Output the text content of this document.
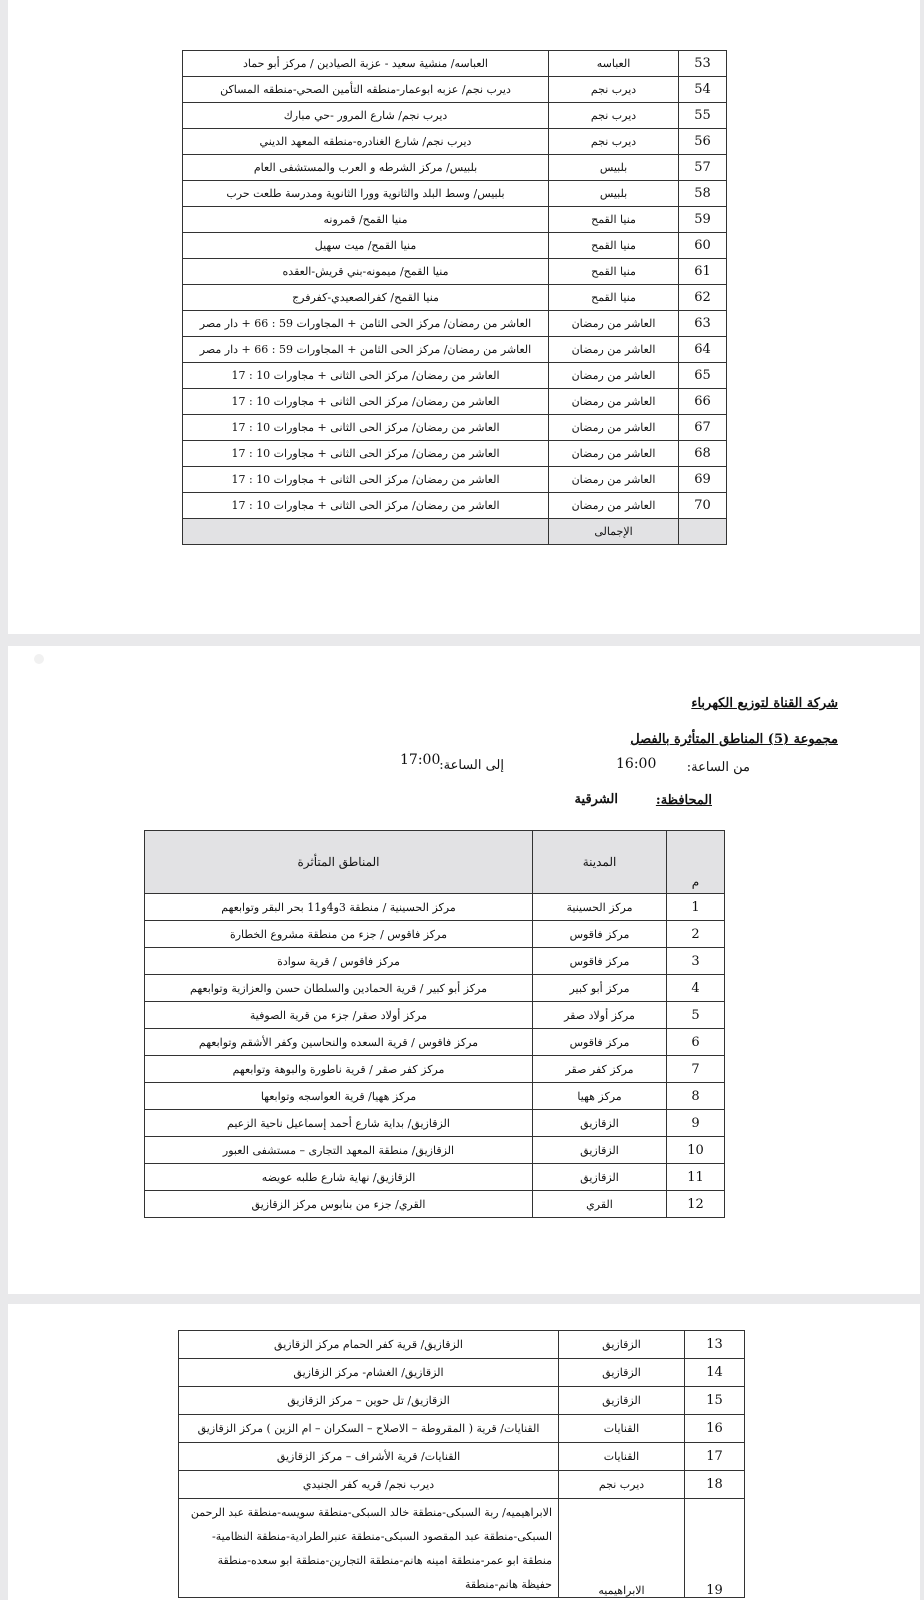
53	العباسه	العباسه/ منشية سعيد - عزبة الصيادين / مركز أبو حماد
54	ديرب نجم	ديرب نجم/ عزبه ابوعمار-منطقه التأمين الصحي-منطقه المساكن
55	ديرب نجم	ديرب نجم/ شارع المرور -حي مبارك
56	ديرب نجم	ديرب نجم/ شارع الغنادره-منطقه المعهد الديني
57	بلبيس	بلبيس/ مركز الشرطه و العرب والمستشفى العام
58	بلبيس	بلبيس/ وسط البلد والثانوية وورا الثانوية ومدرسة طلعت حرب
59	منيا القمح	منيا القمح/ قمرونه
60	منيا القمح	منيا القمح/ ميت سهيل
61	منيا القمح	منيا القمح/ ميمونه-بني قريش-العقده
62	منيا القمح	منيا القمح/ كفرالصعيدي-كفرفرج
63	العاشر من رمضان	العاشر من رمضان/ مركز الحى الثامن + المجاورات 59 : 66 + دار مصر
64	العاشر من رمضان	العاشر من رمضان/ مركز الحى الثامن + المجاورات 59 : 66 + دار مصر
65	العاشر من رمضان	العاشر من رمضان/ مركز الحى الثانى + مجاورات 10 : 17
66	العاشر من رمضان	العاشر من رمضان/ مركز الحى الثانى + مجاورات 10 : 17
67	العاشر من رمضان	العاشر من رمضان/ مركز الحى الثانى + مجاورات 10 : 17
68	العاشر من رمضان	العاشر من رمضان/ مركز الحى الثانى + مجاورات 10 : 17
69	العاشر من رمضان	العاشر من رمضان/ مركز الحى الثانى + مجاورات 10 : 17
70	العاشر من رمضان	العاشر من رمضان/ مركز الحى الثانى + مجاورات 10 : 17
	الإجمالى	
شركة القناة لتوزيع الكهرباء
مجموعة (5) المناطق المتأثرة بالفصل
من الساعة:
16:00
إلى الساعة:
17:00
المحافظة:
الشرقية
م	المدينة	المناطق المتأثرة
1	مركز الحسينية	مركز الحسينية / منطقة 3و4و11 بحر البقر وتوابعهم
2	مركز فاقوس	مركز فاقوس / جزء من منطقة مشروع الخطارة
3	مركز فاقوس	مركز فاقوس / قرية سوادة
4	مركز أبو كبير	مركز أبو كبير / قرية الحمادين والسلطان حسن والعزازية وتوابعهم
5	مركز أولاد صقر	مركز أولاد صقر/ جزء من قرية الصوفية
6	مركز فاقوس	مركز فاقوس / قرية السعده والنحاسين وكفر الأشقم وتوابعهم
7	مركز كفر صقر	مركز كفر صقر / قرية ناطورة والبوهة وتوابعهم
8	مركز ههيا	مركز ههيا/ قرية العواسجه وتوابعها
9	الزقازيق	الزقازيق/ بداية شارع أحمد إسماعيل ناحية الزعيم
10	الزقازيق	الزقازيق/ منطقة المعهد التجارى – مستشفى العبور
11	الزقازيق	الزقازيق/ نهاية شارع طلبه عويضه
12	القري	القري/ جزء من بنابوس مركز الزقازيق
13	الزقازيق	الزقازيق/ قرية كفر الحمام مركز الزقازيق
14	الزقازيق	الزقازيق/ الغشام- مركز الزقازيق
15	الزقازيق	الزقازيق/ تل حوين – مركز الزقازيق
16	القنايات	القنايات/ قرية ( المقروطة – الاصلاح – السكران – ام الزين ) مركز الزقازيق
17	القنايات	القنايات/ قرية الأشراف – مركز الزقازيق
18	ديرب نجم	ديرب نجم/ قريه كفر الجنيدي
19	الابراهيميه	الابراهيميه/ ربة السبكى-منطقة خالد السبكى-منطقة سويسه-منطقة عبد الرحمن السبكى-منطقة عبد المقصود السبكى-منطقة عنبرالطرادية-منطقة النظامية-منطقة ابو عمر-منطقة امينه هانم-منطقة التجارين-منطقة ابو سعده-منطقة حفيظة هانم-منطقة
